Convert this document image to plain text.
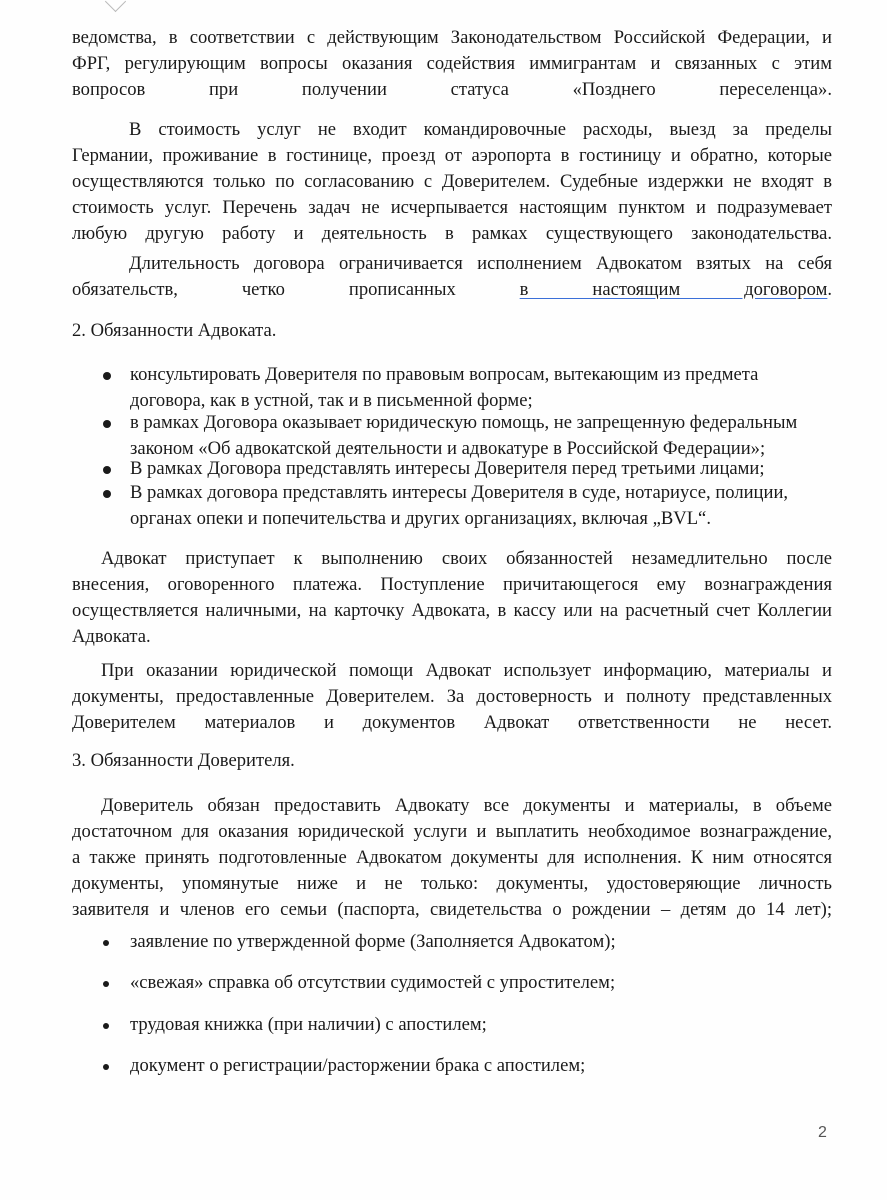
ведомства, в соответствии с действующим Законодательством Российской Федерации, и
ФРГ, регулирующим вопросы оказания содействия иммигрантам и связанных с этим
вопросов при получении статуса «Позднего переселенца».
В стоимость услуг не входит командировочные расходы, выезд за пределы
Германии, проживание в гостинице, проезд от аэропорта в гостиницу и обратно, которые
осуществляются только по согласованию с Доверителем. Судебные издержки не входят в
стоимость услуг. Перечень задач не исчерпывается настоящим пунктом и подразумевает
любую другую работу и деятельность в рамках существующего законодательства.
Длительность договора ограничивается исполнением Адвокатом взятых на себя
обязательств, четко прописанных в настоящим договором.
2. Обязанности Адвоката.
консультировать Доверителя по правовым вопросам, вытекающим из предмета
договора, как в устной, так и в письменной форме;
в рамках Договора оказывает юридическую помощь, не запрещенную федеральным
законом «Об адвокатской деятельности и адвокатуре в Российской Федерации»;
В рамках Договора представлять интересы Доверителя перед третьими лицами;
В рамках договора представлять интересы Доверителя в суде, нотариусе, полиции,
органах опеки и попечительства и других организациях, включая „BVL“.
Адвокат приступает к выполнению своих обязанностей незамедлительно после
внесения, оговоренного платежа. Поступление причитающегося ему вознаграждения
осуществляется наличными, на карточку Адвоката, в кассу или на расчетный счет Коллегии
Адвоката.
При оказании юридической помощи Адвокат использует информацию, материалы и
документы, предоставленные Доверителем. За достоверность и полноту представленных
Доверителем материалов и документов Адвокат ответственности не несет.
3. Обязанности Доверителя.
Доверитель обязан предоставить Адвокату все документы и материалы, в объеме
достаточном для оказания юридической услуги и выплатить необходимое вознаграждение,
а также принять подготовленные Адвокатом документы для исполнения. К ним относятся
документы, упомянутые ниже и не только: документы, удостоверяющие личность
заявителя и членов его семьи (паспорта, свидетельства о рождении – детям до 14 лет);
заявление по утвержденной форме (Заполняется Адвокатом);
«свежая» справка об отсутствии судимостей с упростителем;
трудовая книжка (при наличии) с апостилем;
документ о регистрации/расторжении брака с апостилем;
2
